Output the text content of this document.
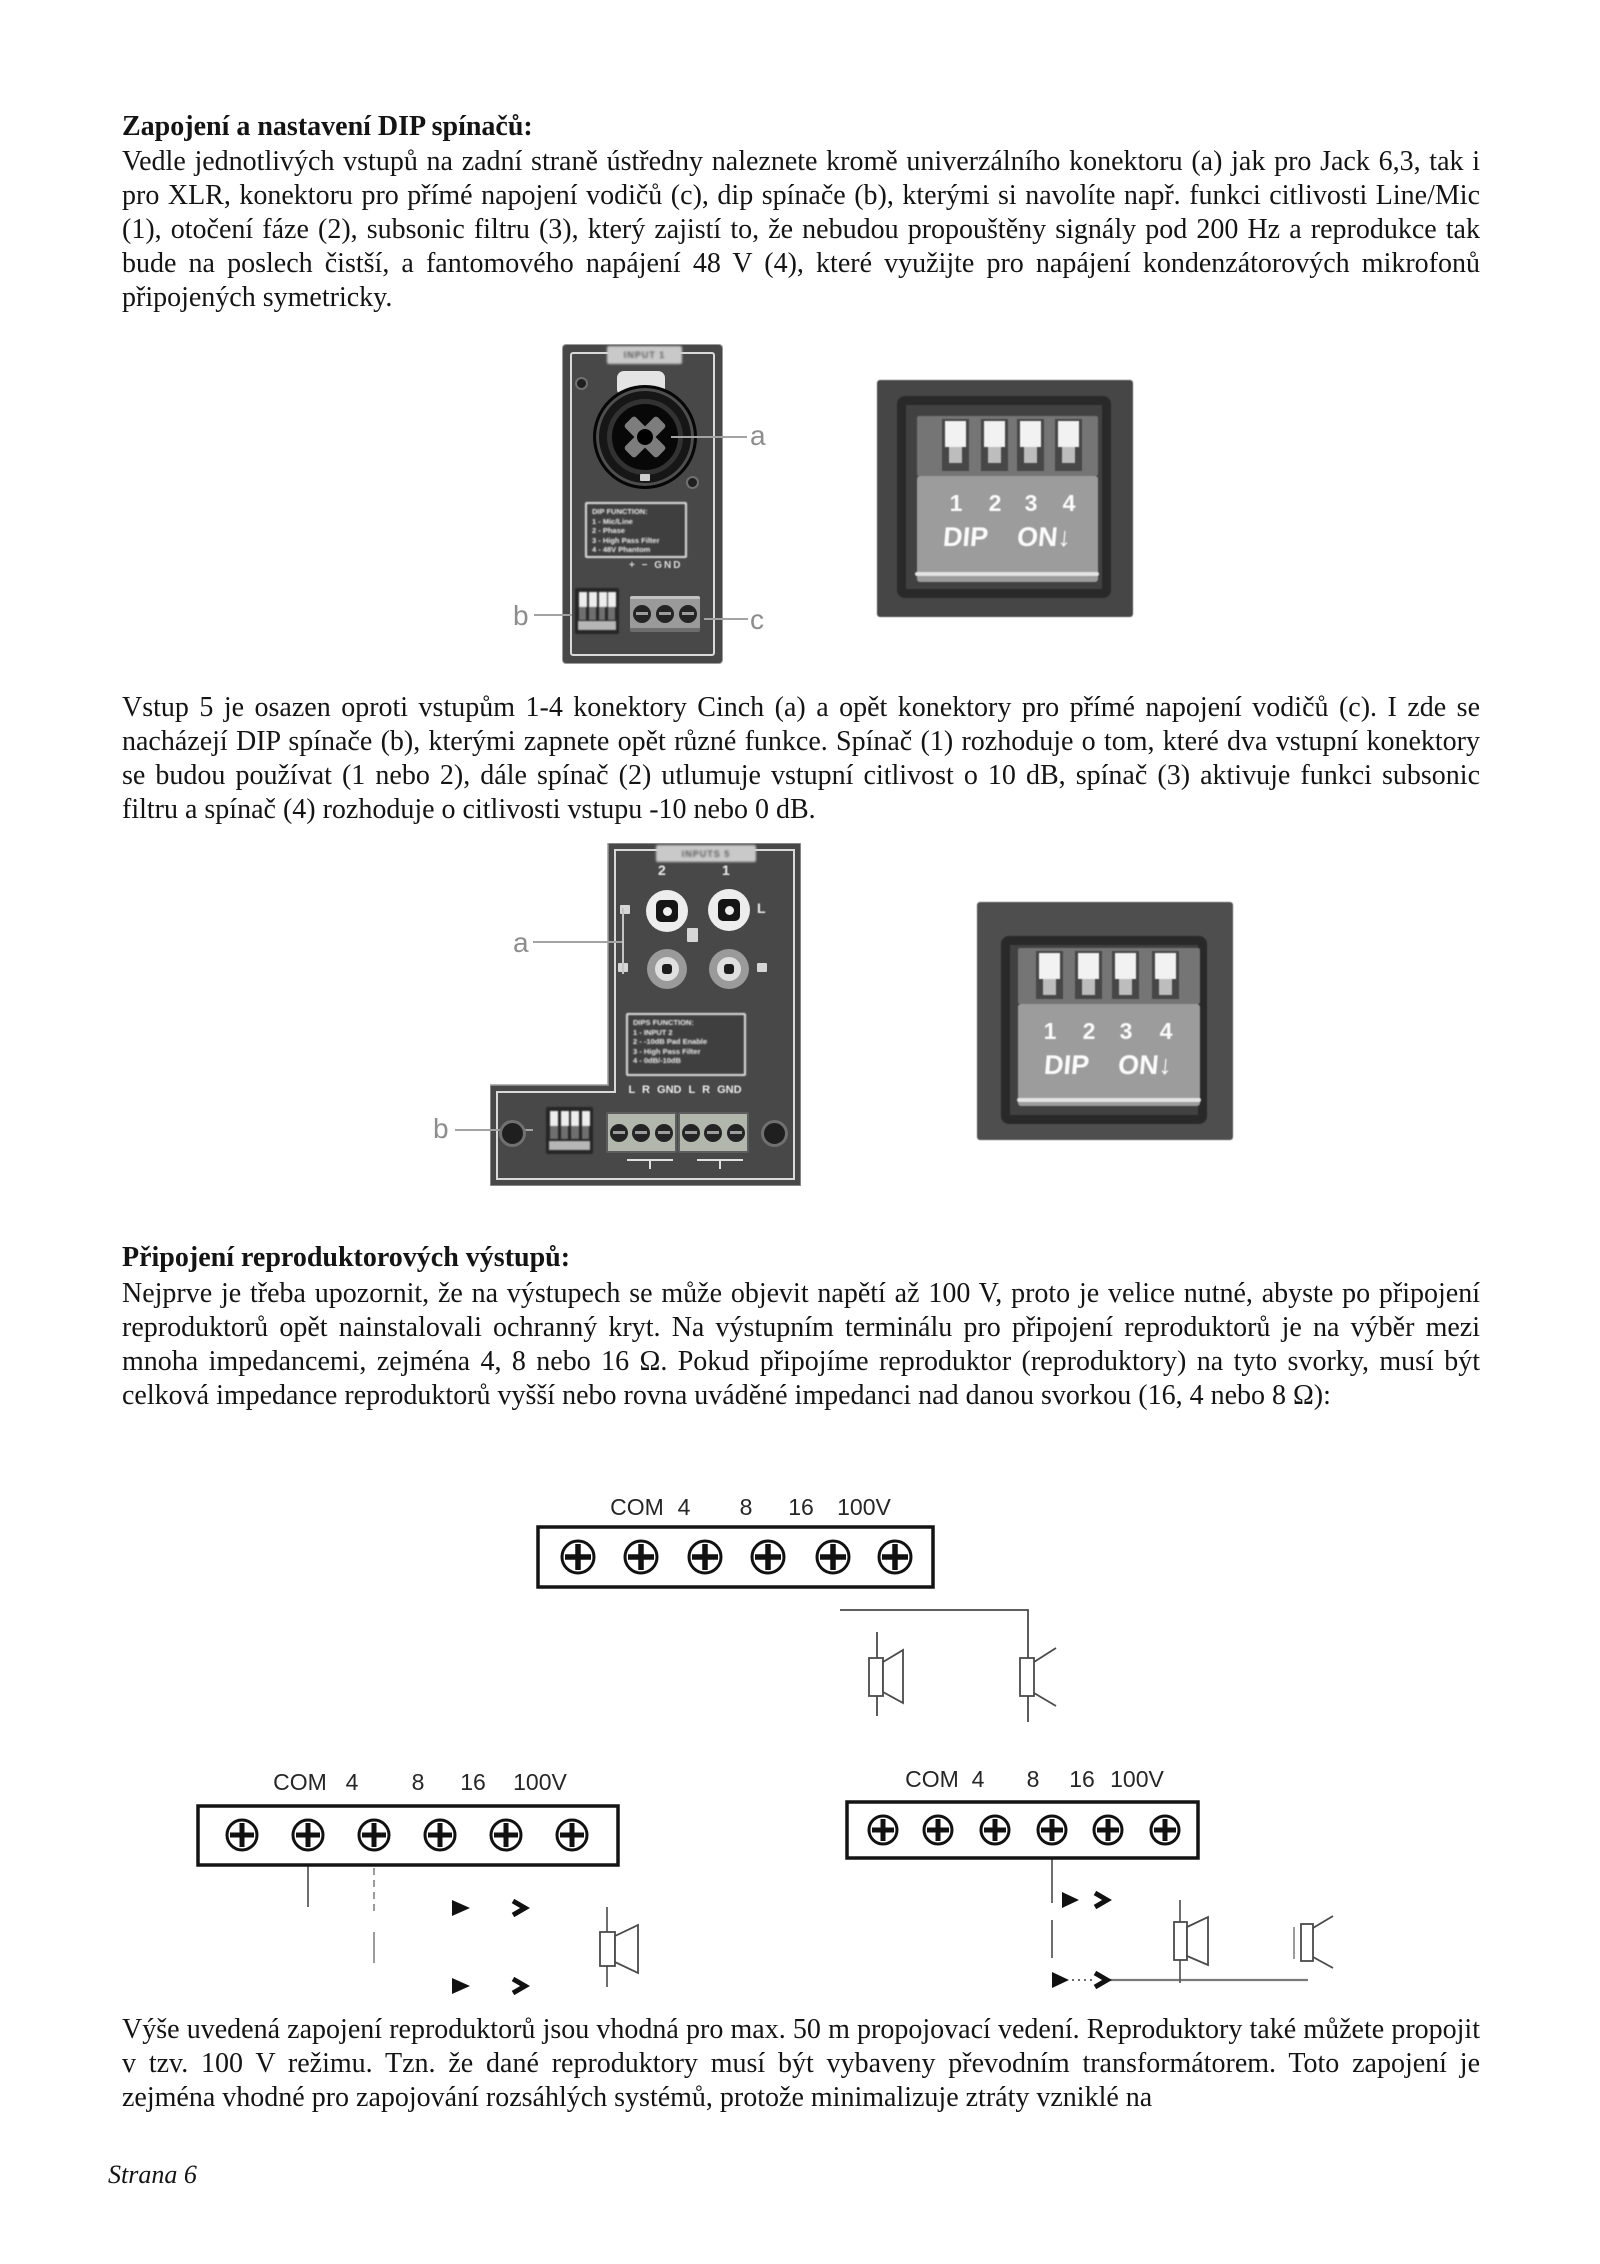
Zapojení a nastavení DIP spínačů:
Vedle jednotlivých vstupů na zadní straně ústředny naleznete kromě univerzálního konektoru (a) jak pro Jack 6,3, tak i pro XLR, konektoru pro přímé napojení vodičů (c), dip spínače (b), kterými si navolíte např. funkci citlivosti Line/Mic (1), otočení fáze (2), subsonic filtru (3), který zajistí to, že nebudou propouštěny signály pod 200 Hz a reprodukce tak bude na poslech čistší, a fantomového napájení 48 V (4), které využijte pro napájení kondenzátorových mikrofonů připojených symetricky.
Vstup 5 je osazen oproti vstupům 1-4 konektory Cinch (a) a opět konektory pro přímé napojení vodičů (c). I zde se nacházejí DIP spínače (b), kterými zapnete opět různé funkce. Spínač (1) rozhoduje o tom, které dva vstupní konektory se budou používat (1 nebo 2), dále spínač (2) utlumuje vstupní citlivost o 10 dB, spínač (3) aktivuje funkci subsonic filtru a spínač (4) rozhoduje o citlivosti vstupu -10 nebo 0 dB.
Připojení reproduktorových výstupů:
Nejprve je třeba upozornit, že na výstupech se může objevit napětí až 100 V, proto je velice nutné, abyste po připojení reproduktorů opět nainstalovali ochranný kryt. Na výstupním terminálu pro připojení reproduktorů je na výběr mezi mnoha impedancemi, zejména 4, 8 nebo 16 Ω. Pokud připojíme reproduktor (reproduktory) na tyto svorky, musí být celková impedance reproduktorů vyšší nebo rovna uváděné impedanci nad danou svorkou (16, 4 nebo 8 Ω):
Výše uvedená zapojení reproduktorů jsou vhodná pro max. 50 m propojovací vedení. Reproduktory také můžete propojit v tzv. 100 V režimu. Tzn. že dané reproduktory musí být vybaveny převodním transformátorem. Toto zapojení je zejména vhodné pro zapojování rozsáhlých systémů, protože minimalizuje ztráty vzniklé na
Strana 6
INPUT 1
DIP FUNCTION:
1 - Mic/Line
2 - Phase
3 - High Pass Filter
4 - 48V Phantom
+ − GND
a
b	c
1 2 3 4
DIP ON↓
INPUTS 5
2	1
L
DIPS FUNCTION:
1 - INPUT 2
2 - -10dB Pad Enable
3 - High Pass Filter
4 - 0dB/-10dB
L R GND L R GND
a
b
1 2 3 4
DIP ON↓
COM 4 8 16 100V
COM 4 8 16 100V	COM 4 8 16 100V
